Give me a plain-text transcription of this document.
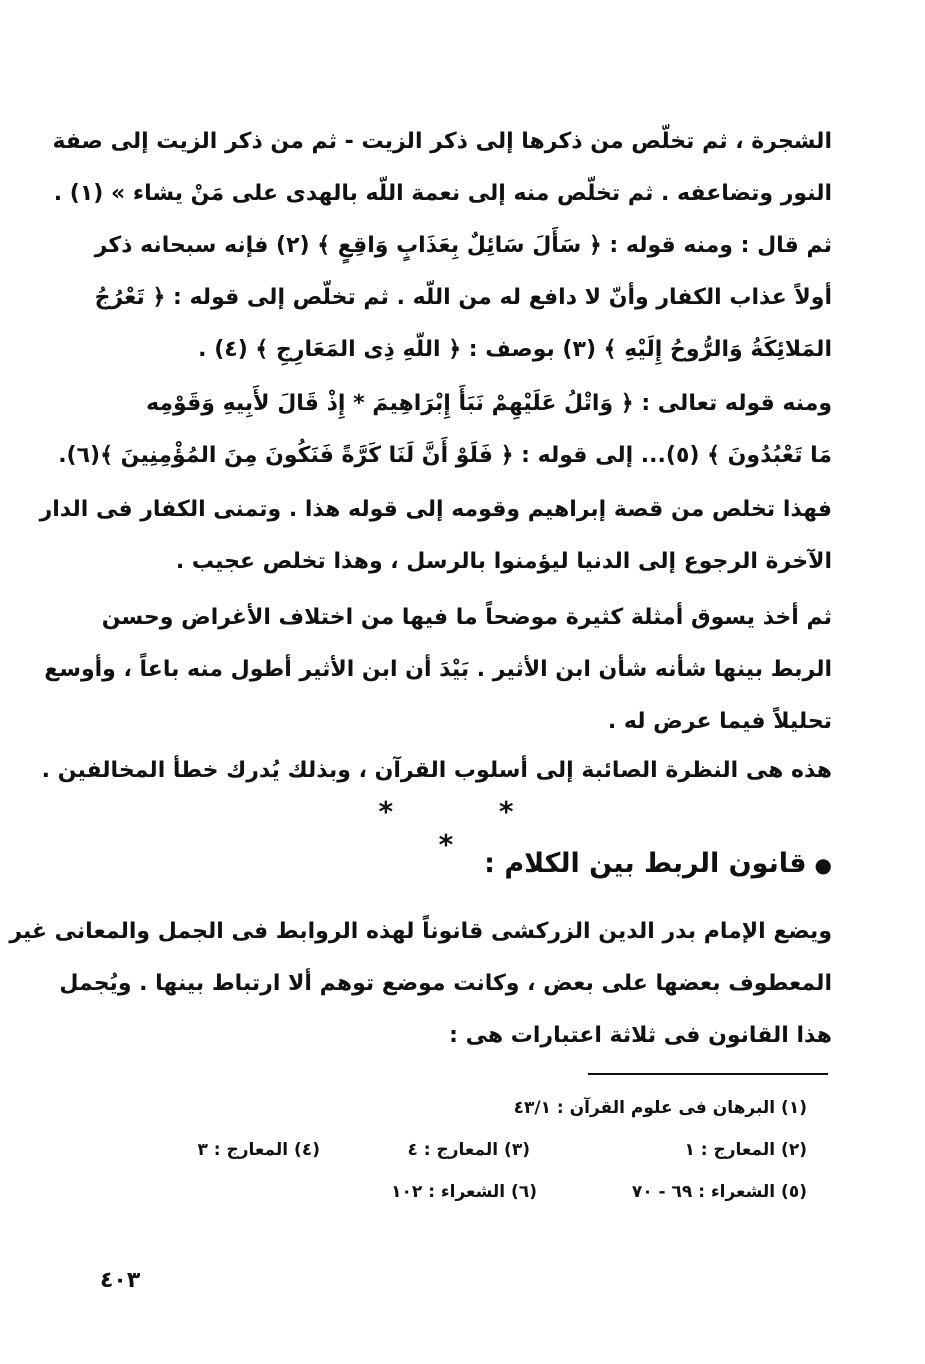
الشجرة ، ثم تخلّص من ذكرها إلى ذكر الزيت - ثم من ذكر الزيت إلى صفة
النور وتضاعفه . ثم تخلّص منه إلى نعمة اللّه بالهدى على مَنْ يشاء » (١) .
ثم قال : ومنه قوله : ﴿ سَأَلَ سَائِلٌ بِعَذَابٍ وَاقِعٍ ﴾ (٢) فإنه سبحانه ذكر
أولاً عذاب الكفار وأنّ لا دافع له من اللّه . ثم تخلّص إلى قوله : ﴿ تَعْرُجُ
المَلائِكَةُ وَالرُّوحُ إِلَيْهِ ﴾ (٣) بوصف : ﴿ اللّهِ ذِى المَعَارِجِ ﴾ (٤) .
ومنه قوله تعالى : ﴿ وَاتْلُ عَلَيْهِمْ نَبَأَ إِبْرَاهِيمَ * إِذْ قَالَ لأَبِيهِ وَقَوْمِه
مَا تَعْبُدُونَ ﴾ (٥)... إلى قوله : ﴿ فَلَوْ أَنَّ لَنَا كَرَّةً فَنَكُونَ مِنَ المُؤْمِنِينَ ﴾(٦).
فهذا تخلص من قصة إبراهيم وقومه إلى قوله هذا . وتمنى الكفار فى الدار
الآخرة الرجوع إلى الدنيا ليؤمنوا بالرسل ، وهذا تخلص عجيب .
ثم أخذ يسوق أمثلة كثيرة موضحاً ما فيها من اختلاف الأغراض وحسن
الربط بينها شأنه شأن ابن الأثير . بَيْدَ أن ابن الأثير أطول منه باعاً ، وأوسع
تحليلاً فيما عرض له .
هذه هى النظرة الصائبة إلى أسلوب القرآن ، وبذلك يُدرك خطأ المخالفين .
* * *
●قانون الربط بين الكلام :
ويضع الإمام بدر الدين الزركشى قانوناً لهذه الروابط فى الجمل والمعانى غير
المعطوف بعضها على بعض ، وكانت موضع توهم ألا ارتباط بينها . ويُجمل
هذا القانون فى ثلاثة اعتبارات هى :
(١) البرهان فى علوم القرآن : ٤٣/١
(٢) المعارج : ١
(٣) المعارج : ٤
(٤) المعارج : ٣
(٥) الشعراء : ٦٩ - ٧٠
(٦) الشعراء : ١٠٢
٤٠٣
